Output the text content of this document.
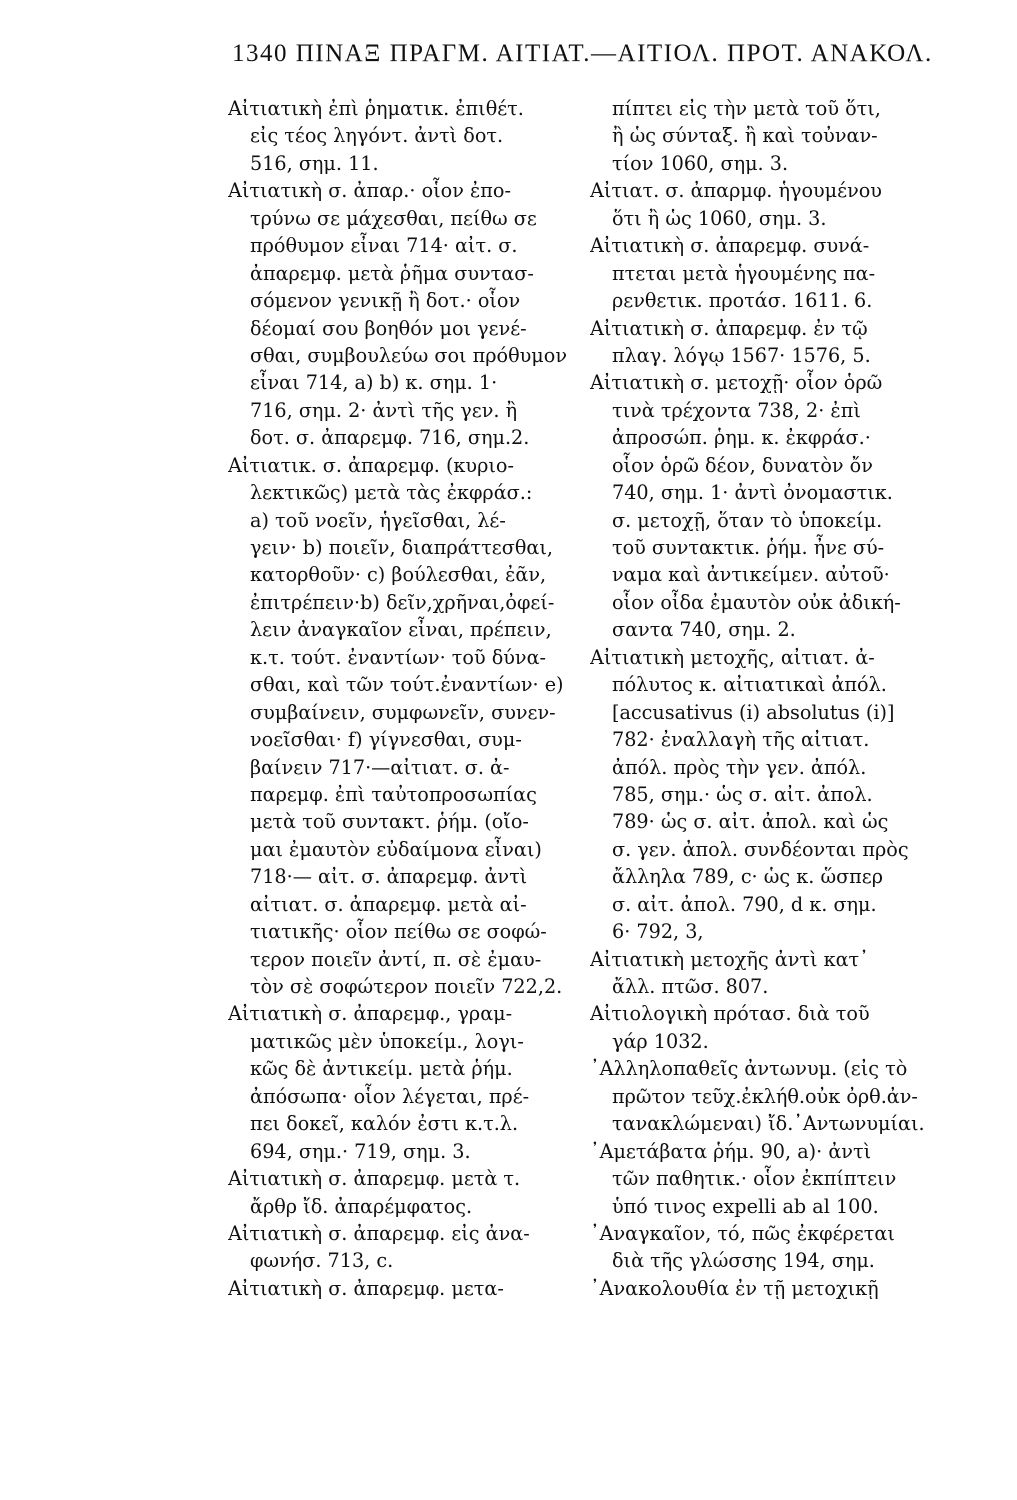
1340 ΠΙΝΑΞ ΠΡΑΓΜ. ΑΙΤΙΑΤ.—ΑΙΤΙΟΛ. ΠΡΟΤ. ΑΝΑΚΟΛ.
Αἰτιατικὴ ἐπὶ ῥηματικ. ἐπιθέτ.
εἰς τέος ληγόντ. ἀντὶ δοτ.
516, σημ. 11.
Αἰτιατικὴ σ. ἀπαρ.· οἷον ἐπο-
τρύνω σε μάχεσθαι, πείθω σε
πρόθυμον εἶναι 714· αἰτ. σ.
ἀπαρεμφ. μετὰ ῥῆμα συντασ-
σόμενον γενικῇ ἢ δοτ.· οἷον
δέομαί σου βοηθόν μοι γενέ-
σθαι, συμβουλεύω σοι πρόθυμον
εἶναι 714, a) b) κ. σημ. 1·
716, σημ. 2· ἀντὶ τῆς γεν. ἢ
δοτ. σ. ἀπαρεμφ. 716, σημ.2.
Αἰτιατικ. σ. ἀπαρεμφ. (κυριο-
λεκτικῶς) μετὰ τὰς ἐκφράσ.:
a) τοῦ νοεῖν, ἡγεῖσθαι, λέ-
γειν· b) ποιεῖν, διαπράττεσθαι,
κατορθοῦν· c) βούλεσθαι, ἐᾶν,
ἐπιτρέπειν·b) δεῖν,χρῆναι,ὀφεί-
λειν ἀναγκαῖον εἶναι, πρέπειν,
κ.τ. τούτ. ἐναντίων· τοῦ δύνα-
σθαι, καὶ τῶν τούτ.ἐναντίων· e)
συμβαίνειν, συμφωνεῖν, συνεν-
νοεῖσθαι· f) γίγνεσθαι, συμ-
βαίνειν 717·—αἰτιατ. σ. ἀ-
παρεμφ. ἐπὶ ταὐτοπροσωπίας
μετὰ τοῦ συντακτ. ῥήμ. (οἴο-
μαι ἐμαυτὸν εὐδαίμονα εἶναι)
718·— αἰτ. σ. ἀπαρεμφ. ἀντὶ
αἰτιατ. σ. ἀπαρεμφ. μετὰ αἰ-
τιατικῆς· οἷον πείθω σε σοφώ-
τερον ποιεῖν ἀντί, π. σὲ ἐμαυ-
τὸν σὲ σοφώτερον ποιεῖν 722,2.
Αἰτιατικὴ σ. ἀπαρεμφ., γραμ-
ματικῶς μὲν ὑποκείμ., λογι-
κῶς δὲ ἀντικείμ. μετὰ ῥήμ.
ἀπόσωπα· οἷον λέγεται, πρέ-
πει δοκεῖ, καλόν ἐστι κ.τ.λ.
694, σημ.· 719, σημ. 3.
Αἰτιατικὴ σ. ἀπαρεμφ. μετὰ τ.
ἄρθρ ἴδ. ἀπαρέμφατος.
Αἰτιατικὴ σ. ἀπαρεμφ. εἰς ἀνα-
φωνήσ. 713, c.
Αἰτιατικὴ σ. ἀπαρεμφ. μετα-
πίπτει εἰς τὴν μετὰ τοῦ ὅτι,
ἢ ὡς σύνταξ. ἢ καὶ τοὐναν-
τίον 1060, σημ. 3.
Αἰτιατ. σ. ἀπαρμφ. ἡγουμένου
ὅτι ἢ ὡς 1060, σημ. 3.
Αἰτιατικὴ σ. ἀπαρεμφ. συνά-
πτεται μετὰ ἡγουμένης πα-
ρενθετικ. προτάσ. 1611. 6.
Αἰτιατικὴ σ. ἀπαρεμφ. ἐν τῷ
πλαγ. λόγῳ 1567· 1576, 5.
Αἰτιατικὴ σ. μετοχῇ· οἷον ὁρῶ
τινὰ τρέχοντα 738, 2· ἐπὶ
ἀπροσώπ. ῥημ. κ. ἐκφράσ.·
οἷον ὁρῶ δέον, δυνατὸν ὄν
740, σημ. 1· ἀντὶ ὀνομαστικ.
σ. μετοχῇ, ὅταν τὸ ὑποκείμ.
τοῦ συντακτικ. ῥήμ. ἦνε σύ-
ναμα καὶ ἀντικείμεν. αὐτοῦ·
οἷον οἶδα ἐμαυτὸν οὐκ ἀδική-
σαντα 740, σημ. 2.
Αἰτιατικὴ μετοχῆς, αἰτιατ. ἀ-
πόλυτος κ. αἰτιατικαὶ ἀπόλ.
[accusativus (i) absolutus (i)]
782· ἐναλλαγὴ τῆς αἰτιατ.
ἀπόλ. πρὸς τὴν γεν. ἀπόλ.
785, σημ.· ὡς σ. αἰτ. ἀπολ.
789· ὡς σ. αἰτ. ἀπολ. καὶ ὡς
σ. γεν. ἀπολ. συνδέονται πρὸς
ἄλληλα 789, c· ὡς κ. ὥσπερ
σ. αἰτ. ἀπολ. 790, d κ. σημ.
6· 792, 3,
Αἰτιατικὴ μετοχῆς ἀντὶ κατ᾽
ἄλλ. πτῶσ. 807.
Αἰτιολογικὴ πρότασ. διὰ τοῦ
γάρ 1032.
᾽Αλληλοπαθεῖς ἀντωνυμ. (εἰς τὸ
πρῶτον τεῦχ.ἐκλήθ.οὐκ ὀρθ.ἀν-
τανακλώμεναι) ἴδ.᾽Αντωνυμίαι.
᾽Αμετάβατα ῥήμ. 90, a)· ἀντὶ
τῶν παθητικ.· οἷον ἐκπίπτειν
ὑπό τινος expelli ab al 100.
᾽Αναγκαῖον, τό, πῶς ἐκφέρεται
διὰ τῆς γλώσσης 194, σημ.
᾽Ανακολουθία ἐν τῇ μετοχικῇ
